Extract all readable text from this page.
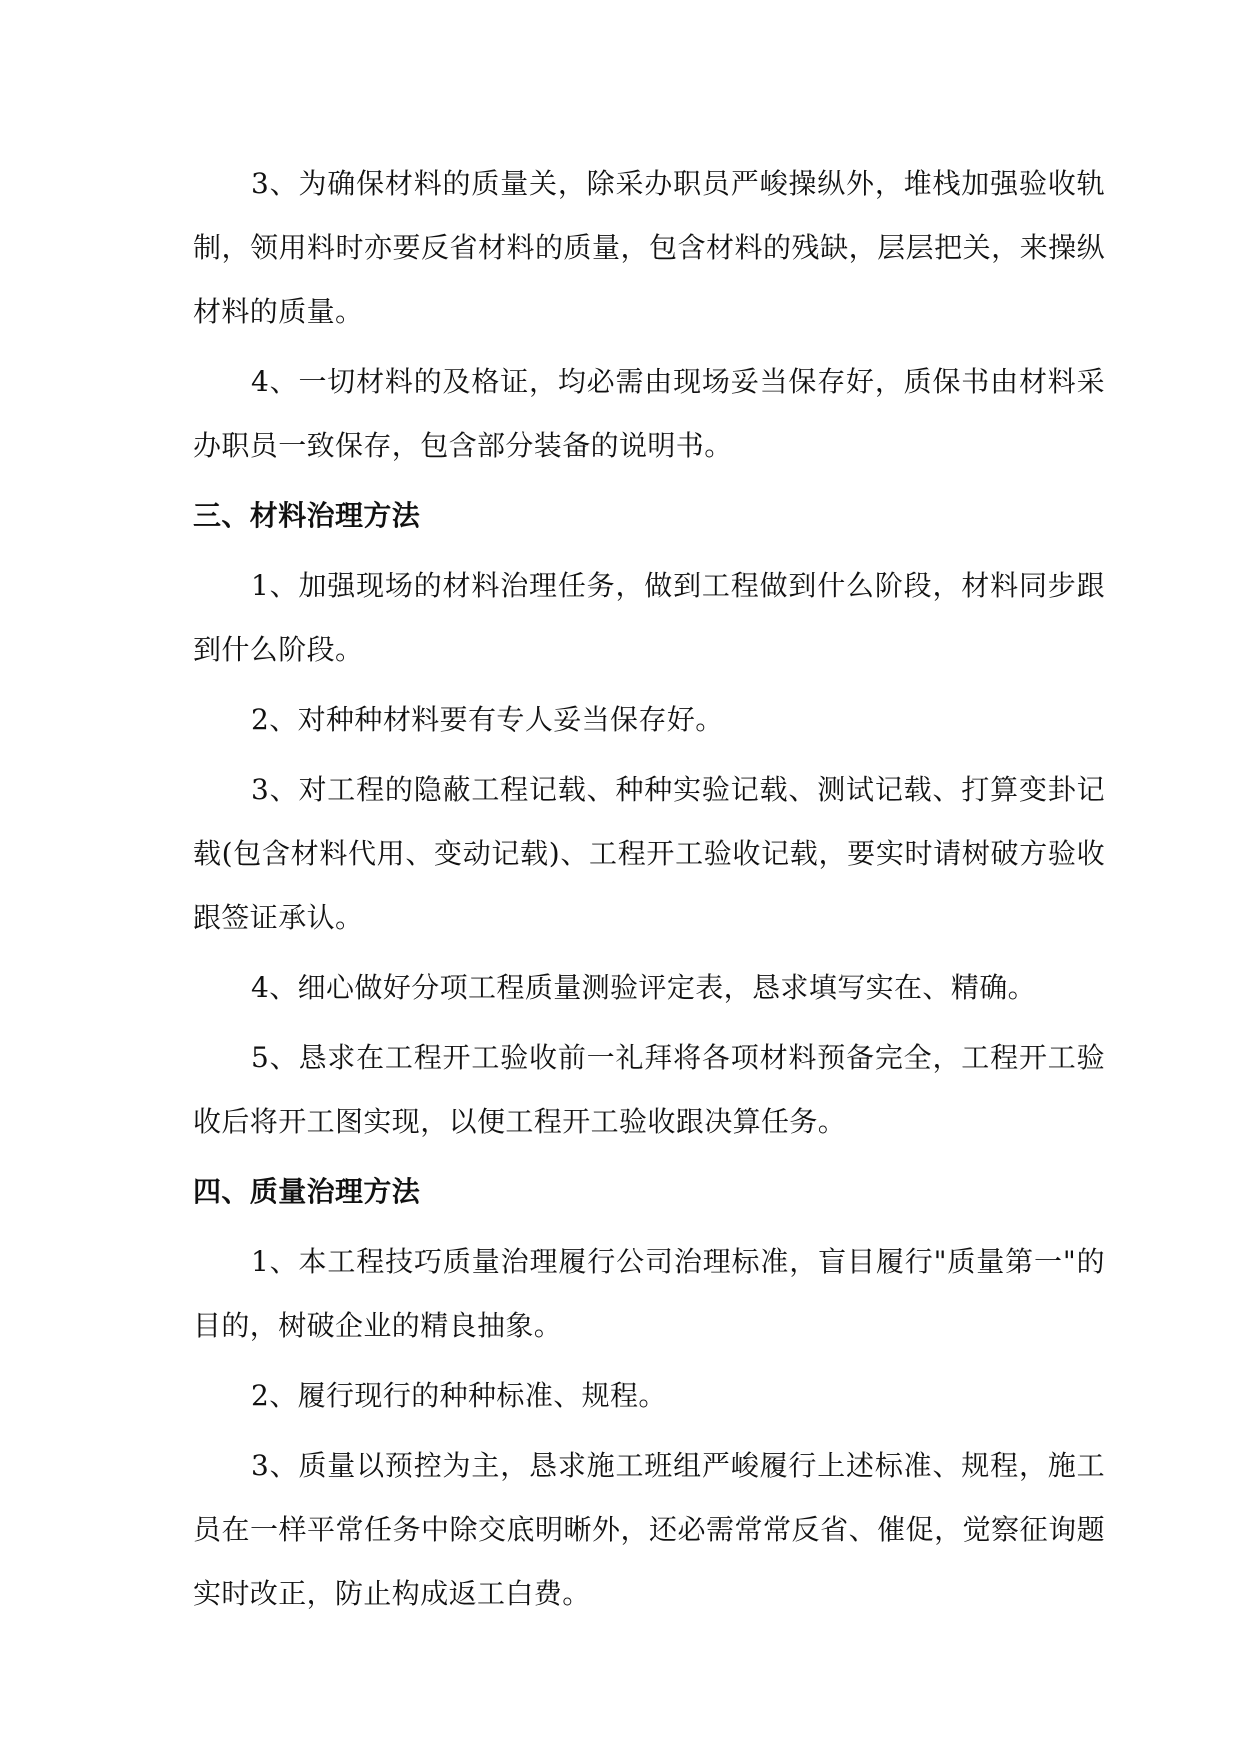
3、为确保材料的质量关，除采办职员严峻操纵外，堆栈加强验收轨制，领用料时亦要反省材料的质量，包含材料的残缺，层层把关，来操纵材料的质量。

4、一切材料的及格证，均必需由现场妥当保存好，质保书由材料采办职员一致保存，包含部分装备的说明书。

三、材料治理方法

1、加强现场的材料治理任务，做到工程做到什么阶段，材料同步跟到什么阶段。

2、对种种材料要有专人妥当保存好。

3、对工程的隐蔽工程记载、种种实验记载、测试记载、打算变卦记载(包含材料代用、变动记载)、工程开工验收记载，要实时请树破方验收跟签证承认。

4、细心做好分项工程质量测验评定表，恳求填写实在、精确。

5、恳求在工程开工验收前一礼拜将各项材料预备完全，工程开工验收后将开工图实现，以便工程开工验收跟决算任务。

四、质量治理方法

1、本工程技巧质量治理履行公司治理标准，盲目履行"质量第一"的目的，树破企业的精良抽象。

2、履行现行的种种标准、规程。

3、质量以预控为主，恳求施工班组严峻履行上述标准、规程，施工员在一样平常任务中除交底明晰外，还必需常常反省、催促，觉察征询题实时改正，防止构成返工白费。
